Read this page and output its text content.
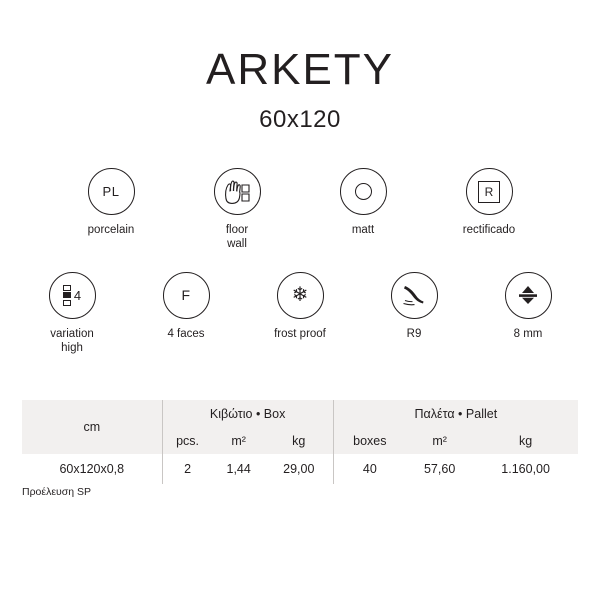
ARKETY
60x120
PL
porcelain	floor
wall
matt
R
rectificado
4
variation
high
F
4 faces
❄
frost proof	R9	8 mm
cm	Κιβώτιο • Box			Παλέτα • Pallet		
	pcs.	m²	kg	boxes	m²	kg
60x120x0,8	2	1,44	29,00	40	57,60	1.160,00
Προέλευση SP
